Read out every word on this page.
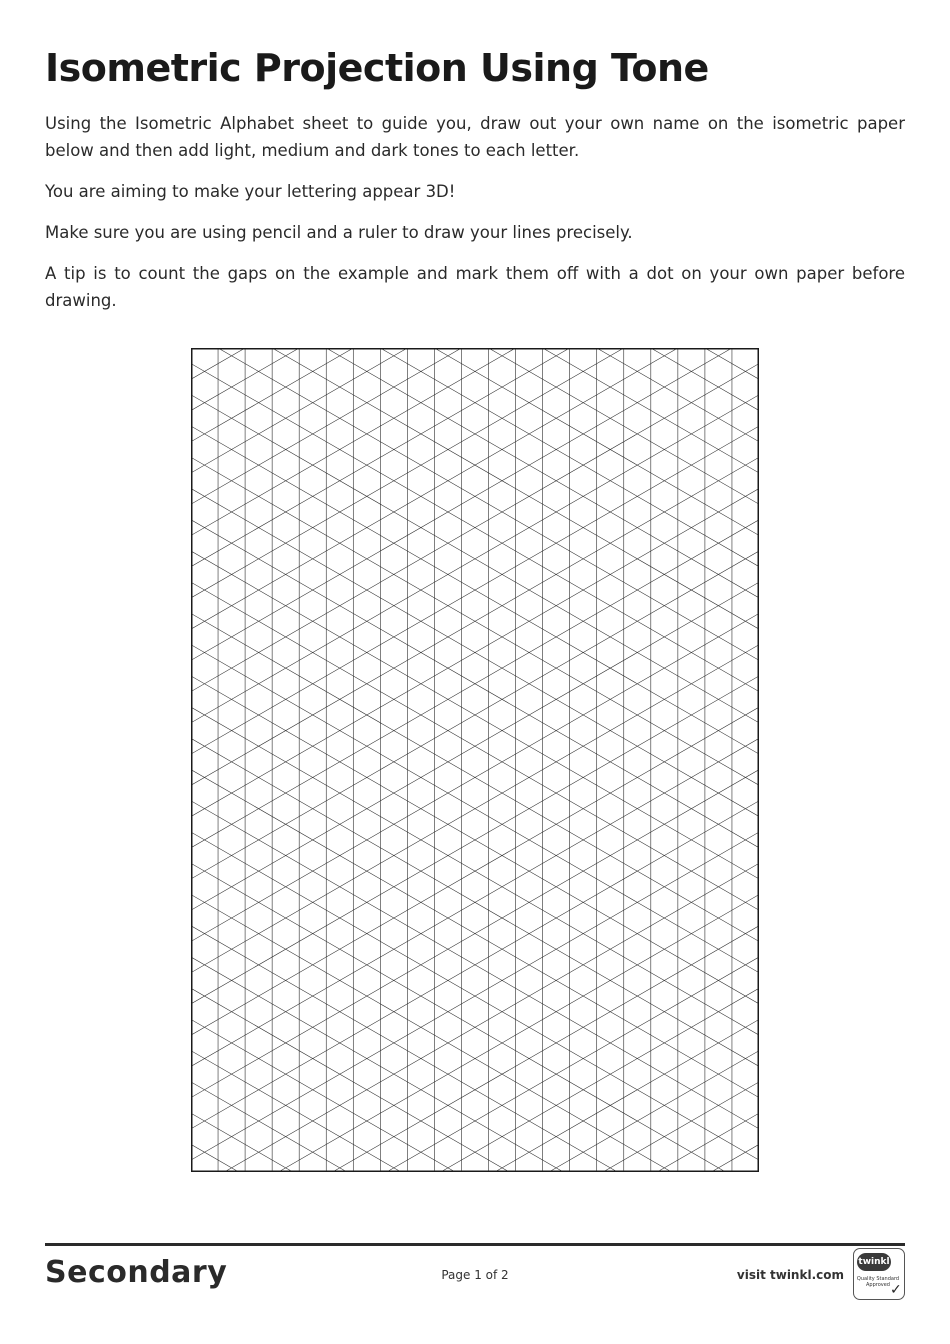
Isometric Projection Using Tone

Using the Isometric Alphabet sheet to guide you, draw out your own name on the isometric paper below and then add light, medium and dark tones to each letter.

You are aiming to make your lettering appear 3D!

Make sure you are using pencil and a ruler to draw your lines precisely.

A tip is to count the gaps on the example and mark them off with a dot on your own paper before drawing.

Secondary	Page 1 of 2	visit twinkl.com
twinkl
Quality Standard
Approved ✓
